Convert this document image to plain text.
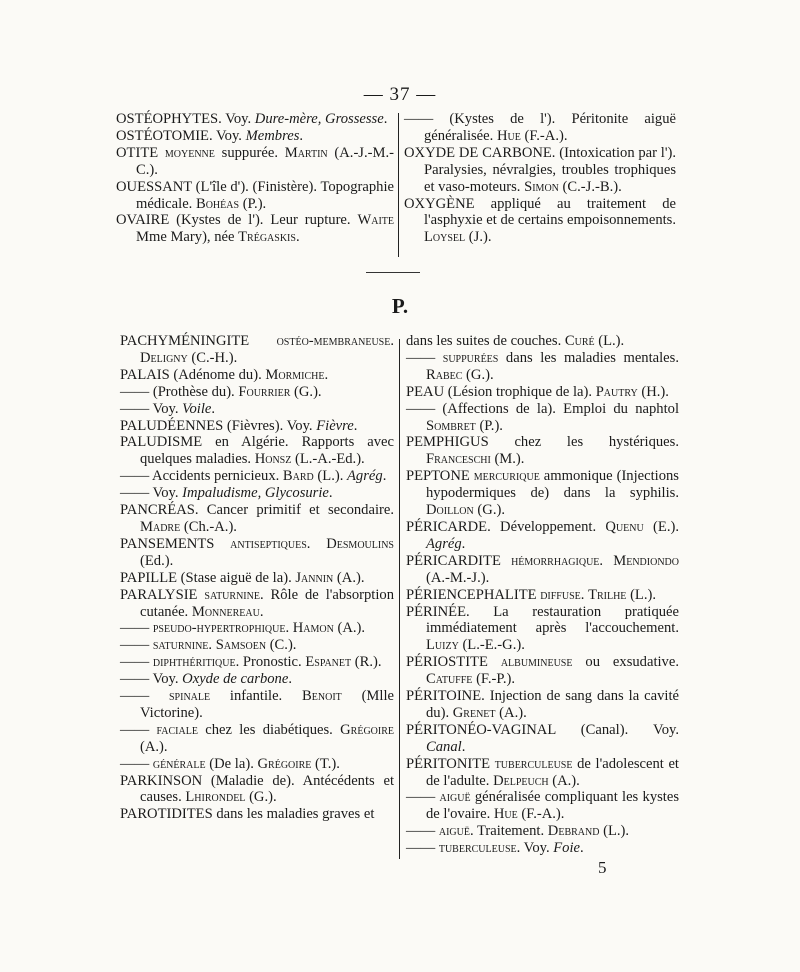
— 37 —

OSTÉOPHYTES. Voy. Dure-mère, Grossesse.

OSTÉOTOMIE. Voy. Membres.

OTITE moyenne suppurée. Martin (A.-J.-M.-C.).

OUESSANT (L'île d'). (Finistère). Topographie médicale. Bohéas (P.).

OVAIRE (Kystes de l'). Leur rupture. Waite Mme Mary), née Trégaskis.

—— (Kystes de l'). Péritonite aiguë généralisée. Hue (F.-A.).

OXYDE DE CARBONE. (Intoxication par l'). Paralysies, névralgies, troubles trophiques et vaso-moteurs. Simon (C.-J.-B.).

OXYGÈNE appliqué au traitement de l'asphyxie et de certains empoisonnements. Loysel (J.).

P.

PACHYMÉNINGITE ostéo-membraneuse. Deligny (C.-H.).

PALAIS (Adénome du). Mormiche.

—— (Prothèse du). Fourrier (G.).

—— Voy. Voile.

PALUDÉENNES (Fièvres). Voy. Fièvre.

PALUDISME en Algérie. Rapports avec quelques maladies. Honsz (L.-A.-Ed.).

—— Accidents pernicieux. Bard (L.). Agrég.

—— Voy. Impaludisme, Glycosurie.

PANCRÉAS. Cancer primitif et secondaire. Madre (Ch.-A.).

PANSEMENTS antiseptiques. Desmoulins (Ed.).

PAPILLE (Stase aiguë de la). Jannin (A.).

PARALYSIE saturnine. Rôle de l'absorption cutanée. Monnereau.

—— pseudo-hypertrophique. Hamon (A.).

—— saturnine. Samsoen (C.).

—— diphthéritique. Pronostic. Espanet (R.).

—— Voy. Oxyde de carbone.

—— spinale infantile. Benoit (Mlle Victorine).

—— faciale chez les diabétiques. Grégoire (A.).

—— générale (De la). Grégoire (T.).

PARKINSON (Maladie de). Antécédents et causes. Lhirondel (G.).

PAROTIDITES dans les maladies graves et

dans les suites de couches. Curé (L.).

—— suppurées dans les maladies mentales. Rabec (G.).

PEAU (Lésion trophique de la). Pautry (H.).

—— (Affections de la). Emploi du naphtol Sombret (P.).

PEMPHIGUS chez les hystériques. Franceschi (M.).

PEPTONE mercurique ammonique (Injections hypodermiques de) dans la syphilis. Doillon (G.).

PÉRICARDE. Développement. Quenu (E.). Agrég.

PÉRICARDITE hémorrhagique. Mendiondo (A.-M.-J.).

PÉRIENCEPHALITE diffuse. Trilhe (L.).

PÉRINÉE. La restauration pratiquée immédiatement après l'accouchement. Luizy (L.-E.-G.).

PÉRIOSTITE albumineuse ou exsudative. Catuffe (F.-P.).

PÉRITOINE. Injection de sang dans la cavité du). Grenet (A.).

PÉRITONÉO-VAGINAL (Canal). Voy. Canal.

PÉRITONITE tuberculeuse de l'adolescent et de l'adulte. Delpeuch (A.).

—— aiguë généralisée compliquant les kystes de l'ovaire. Hue (F.-A.).

—— aiguë. Traitement. Debrand (L.).

—— tuberculeuse. Voy. Foie.

5
